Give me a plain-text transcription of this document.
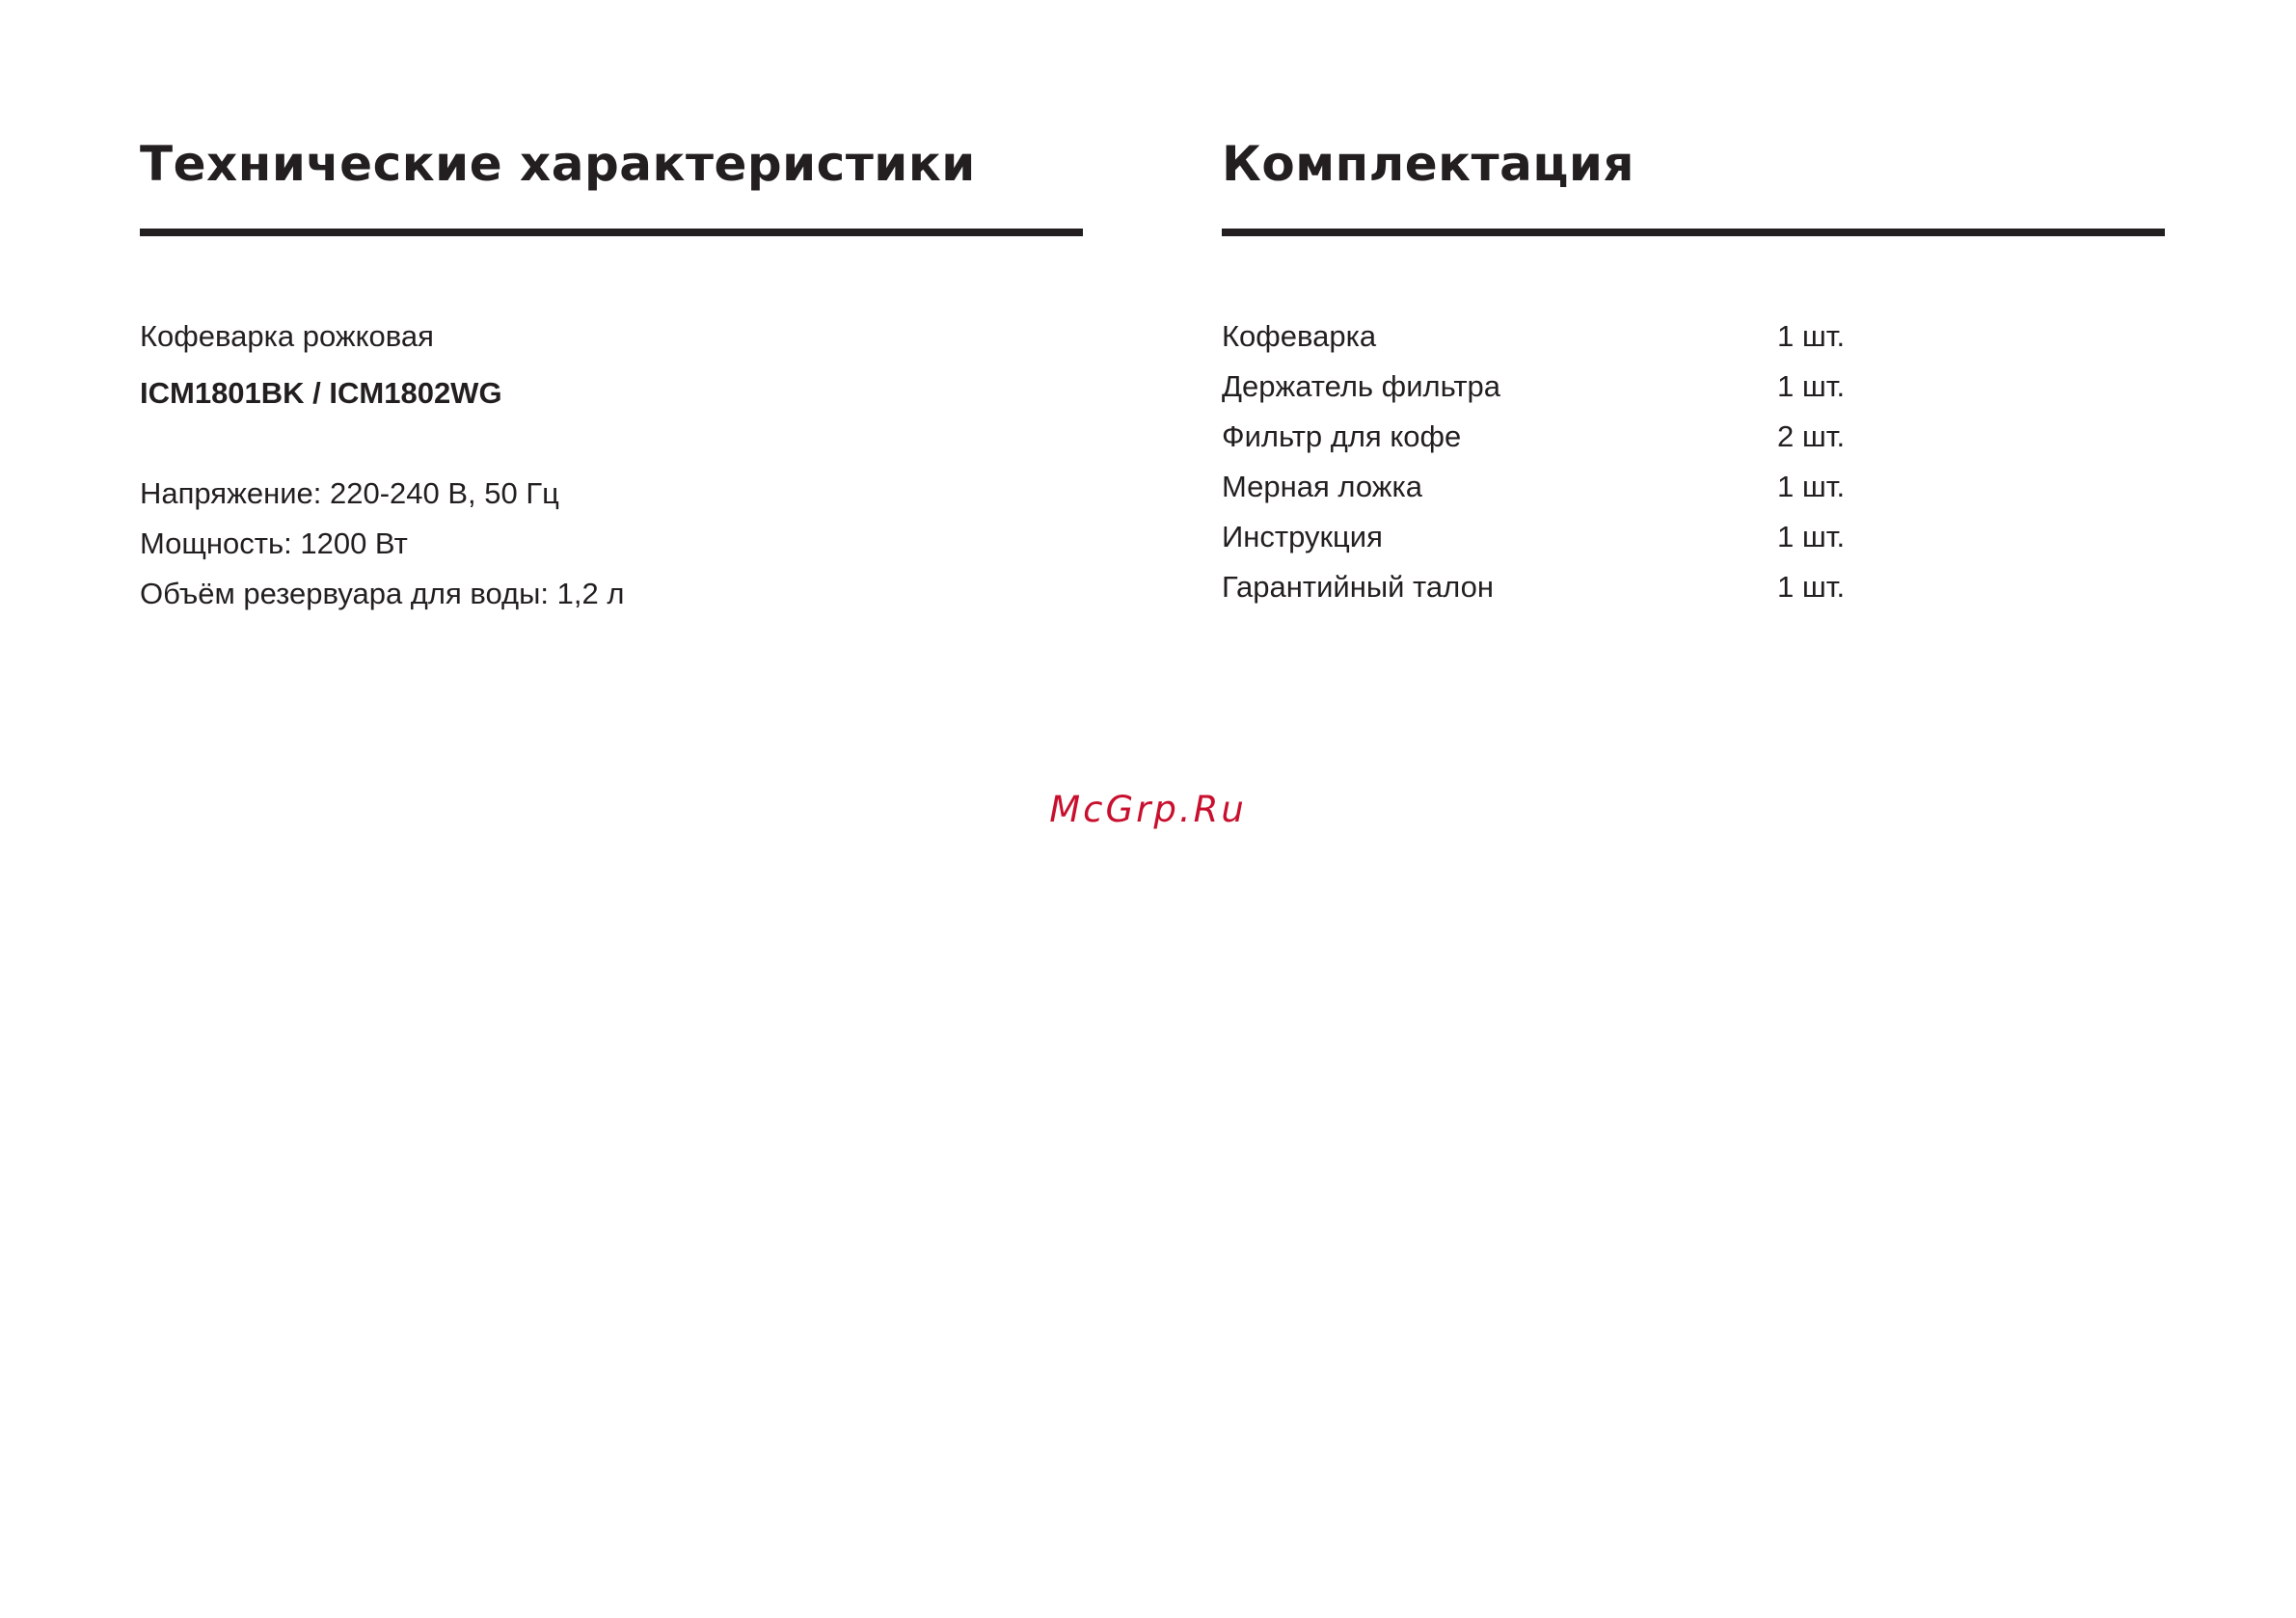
Технические характеристики

Кофеварка рожковая

ICM1801BK / ICM1802WG

Напряжение: 220-240 В, 50 Гц
Мощность: 1200 Вт
Объём резервуара для воды: 1,2 л
Комплектация
Кофеварка	1 шт.
Держатель фильтра	1 шт.
Фильтр для кофе	2 шт.
Мерная ложка	1 шт.
Инструкция	1 шт.
Гарантийный талон	1 шт.
McGrp.Ru
